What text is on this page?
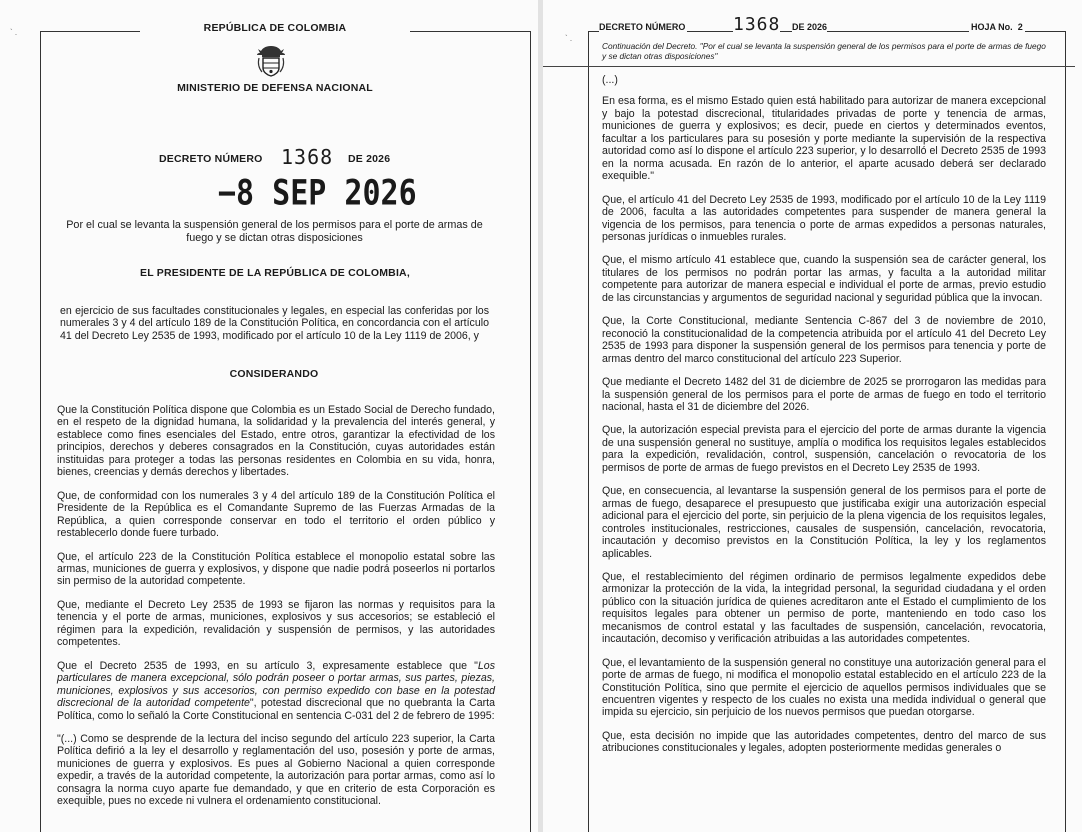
` .	REPÚBLICA DE COLOMBIA
MINISTERIO DE DEFENSA NACIONAL
DECRETO NÚMERO 1368 DE 2026
−8 SEP 2026
Por el cual se levanta la suspensión general de los permisos para el porte de armas de fuego y se dictan otras disposiciones
EL PRESIDENTE DE LA REPÚBLICA DE COLOMBIA,
en ejercicio de sus facultades constitucionales y legales, en especial las conferidas por los numerales 3 y 4 del artículo 189 de la Constitución Política, en concordancia con el artículo 41 del Decreto Ley 2535 de 1993, modificado por el artículo 10 de la Ley 1119 de 2006, y
CONSIDERANDO

Que la Constitución Política dispone que Colombia es un Estado Social de Derecho fundado, en el respeto de la dignidad humana, la solidaridad y la prevalencia del interés general, y establece como fines esenciales del Estado, entre otros, garantizar la efectividad de los principios, derechos y deberes consagrados en la Constitución, cuyas autoridades están instituidas para proteger a todas las personas residentes en Colombia en su vida, honra, bienes, creencias y demás derechos y libertades.

Que, de conformidad con los numerales 3 y 4 del artículo 189 de la Constitución Política el Presidente de la República es el Comandante Supremo de las Fuerzas Armadas de la República, a quien corresponde conservar en todo el territorio el orden público y restablecerlo donde fuere turbado.

Que, el artículo 223 de la Constitución Política establece el monopolio estatal sobre las armas, municiones de guerra y explosivos, y dispone que nadie podrá poseerlos ni portarlos sin permiso de la autoridad competente.

Que, mediante el Decreto Ley 2535 de 1993 se fijaron las normas y requisitos para la tenencia y el porte de armas, municiones, explosivos y sus accesorios; se estableció el régimen para la expedición, revalidación y suspensión de permisos, y las autoridades competentes.

Que el Decreto 2535 de 1993, en su artículo 3, expresamente establece que "Los particulares de manera excepcional, sólo podrán poseer o portar armas, sus partes, piezas, municiones, explosivos y sus accesorios, con permiso expedido con base en la potestad discrecional de la autoridad competente", potestad discrecional que no quebranta la Carta Política, como lo señaló la Corte Constitucional en sentencia C-031 del 2 de febrero de 1995:

"(...) Como se desprende de la lectura del inciso segundo del artículo 223 superior, la Carta Política defirió a la ley el desarrollo y reglamentación del uso, posesión y porte de armas, municiones de guerra y explosivos. Es pues al Gobierno Nacional a quien corresponde expedir, a través de la autoridad competente, la autorización para portar armas, como así lo consagra la norma cuyo aparte fue demandado, y que en criterio de esta Corporación es exequible, pues no excede ni vulnera el ordenamiento constitucional.

` .
DECRETO NÚMERO	1368 DE 2026	HOJA No. 2
Continuación del Decreto. "Por el cual se levanta la suspensión general de los permisos para el porte de armas de fuego y se dictan otras disposiciones"

(...)

En esa forma, es el mismo Estado quien está habilitado para autorizar de manera excepcional y bajo la potestad discrecional, titularidades privadas de porte y tenencia de armas, municiones de guerra y explosivos; es decir, puede en ciertos y determinados eventos, facultar a los particulares para su posesión y porte mediante la supervisión de la respectiva autoridad como así lo dispone el artículo 223 superior, y lo desarrolló el Decreto 2535 de 1993 en la norma acusada. En razón de lo anterior, el aparte acusado deberá ser declarado exequible."

Que, el artículo 41 del Decreto Ley 2535 de 1993, modificado por el artículo 10 de la Ley 1119 de 2006, faculta a las autoridades competentes para suspender de manera general la vigencia de los permisos, para tenencia o porte de armas expedidos a personas naturales, personas jurídicas o inmuebles rurales.

Que, el mismo artículo 41 establece que, cuando la suspensión sea de carácter general, los titulares de los permisos no podrán portar las armas, y faculta a la autoridad militar competente para autorizar de manera especial e individual el porte de armas, previo estudio de las circunstancias y argumentos de seguridad nacional y seguridad pública que la invocan.

Que, la Corte Constitucional, mediante Sentencia C-867 del 3 de noviembre de 2010, reconoció la constitucionalidad de la competencia atribuida por el artículo 41 del Decreto Ley 2535 de 1993 para disponer la suspensión general de los permisos para tenencia y porte de armas dentro del marco constitucional del artículo 223 Superior.

Que mediante el Decreto 1482 del 31 de diciembre de 2025 se prorrogaron las medidas para la suspensión general de los permisos para el porte de armas de fuego en todo el territorio nacional, hasta el 31 de diciembre del 2026.

Que, la autorización especial prevista para el ejercicio del porte de armas durante la vigencia de una suspensión general no sustituye, amplía o modifica los requisitos legales establecidos para la expedición, revalidación, control, suspensión, cancelación o revocatoria de los permisos de porte de armas de fuego previstos en el Decreto Ley 2535 de 1993.

Que, en consecuencia, al levantarse la suspensión general de los permisos para el porte de armas de fuego, desaparece el presupuesto que justificaba exigir una autorización especial adicional para el ejercicio del porte, sin perjuicio de la plena vigencia de los requisitos legales, controles institucionales, restricciones, causales de suspensión, cancelación, revocatoria, incautación y decomiso previstos en la Constitución Política, la ley y los reglamentos aplicables.

Que, el restablecimiento del régimen ordinario de permisos legalmente expedidos debe armonizar la protección de la vida, la integridad personal, la seguridad ciudadana y el orden público con la situación jurídica de quienes acreditaron ante el Estado el cumplimiento de los requisitos legales para obtener un permiso de porte, manteniendo en todo caso los mecanismos de control estatal y las facultades de suspensión, cancelación, revocatoria, incautación, decomiso y verificación atribuidas a las autoridades competentes.

Que, el levantamiento de la suspensión general no constituye una autorización general para el porte de armas de fuego, ni modifica el monopolio estatal establecido en el artículo 223 de la Constitución Política, sino que permite el ejercicio de aquellos permisos individuales que se encuentren vigentes y respecto de los cuales no exista una medida individual o general que impida su ejercicio, sin perjuicio de los nuevos permisos que puedan otorgarse.

Que, esta decisión no impide que las autoridades competentes, dentro del marco de sus atribuciones constitucionales y legales, adopten posteriormente medidas generales o
